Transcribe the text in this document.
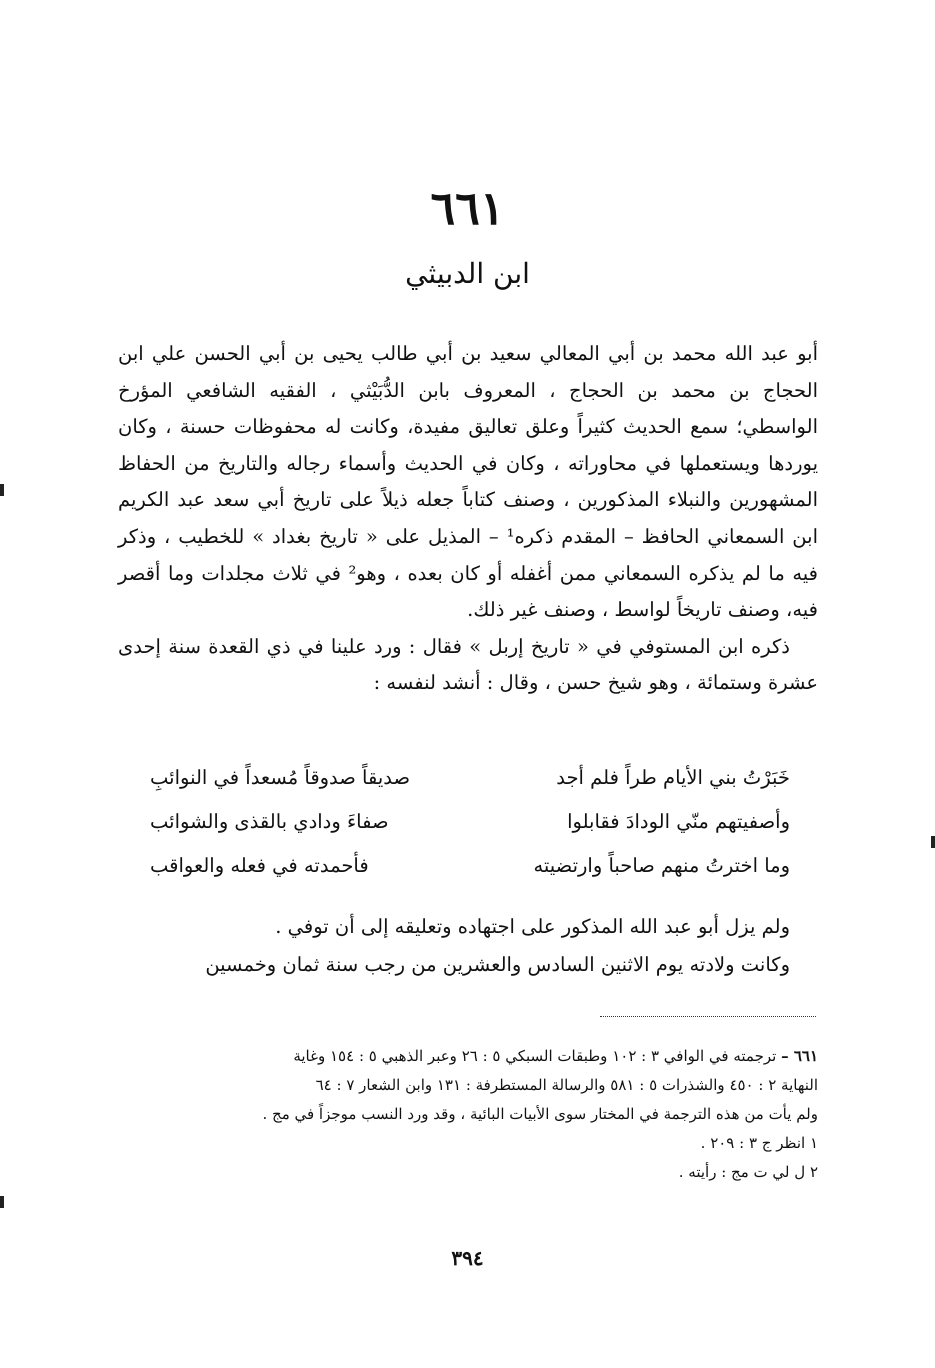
٦٦١
ابن الدبيثي

أبو عبد الله محمد بن أبي المعالي سعيد بن أبي طالب يحيى بن أبي الحسن علي ابن الحجاج بن محمد بن الحجاج ، المعروف بابن الدُّبَيْثي ، الفقيه الشافعي المؤرخ الواسطي؛ سمع الحديث كثيراً وعلق تعاليق مفيدة، وكانت له محفوظات حسنة ، وكان يوردها ويستعملها في محاوراته ، وكان في الحديث وأسماء رجاله والتاريخ من الحفاظ المشهورين والنبلاء المذكورين ، وصنف كتاباً جعله ذيلاً على تاريخ أبي سعد عبد الكريم ابن السمعاني الحافظ – المقدم ذكره¹ – المذيل على « تاريخ بغداد » للخطيب ، وذكر فيه ما لم يذكره السمعاني ممن أغفله أو كان بعده ، وهو² في ثلاث مجلدات وما أقصر فيه، وصنف تاريخاً لواسط ، وصنف غير ذلك.

ذكره ابن المستوفي في « تاريخ إربل » فقال : ورد علينا في ذي القعدة سنة إحدى عشرة وستمائة ، وهو شيخ حسن ، وقال : أنشد لنفسه :

خَبَرْتُ بني الأيام طراً فلم أجد
صديقاً صدوقاً مُسعداً في النوائبِ
وأصفيتهم منّي الودادَ فقابلوا
صفاءَ ودادي بالقذى والشوائب
وما اخترتُ منهم صاحباً وارتضيته
فأحمدته في فعله والعواقب

ولم يزل أبو عبد الله المذكور على اجتهاده وتعليقه إلى أن توفي .

وكانت ولادته يوم الاثنين السادس والعشرين من رجب سنة ثمان وخمسين

٦٦١ – ترجمته في الوافي ٣ : ١٠٢ وطبقات السبكي ٥ : ٢٦ وعبر الذهبي ٥ : ١٥٤ وغاية

النهاية ٢ : ٤٥٠ والشذرات ٥ : ٥٨١ والرسالة المستطرفة : ١٣١ وابن الشعار ٧ : ٦٤

ولم يأت من هذه الترجمة في المختار سوى الأبيات البائية ، وقد ورد النسب موجزاً في مج .

١ انظر ج ٣ : ٢٠٩ .

٢ ل لي ت مج : رأيته .

٣٩٤
